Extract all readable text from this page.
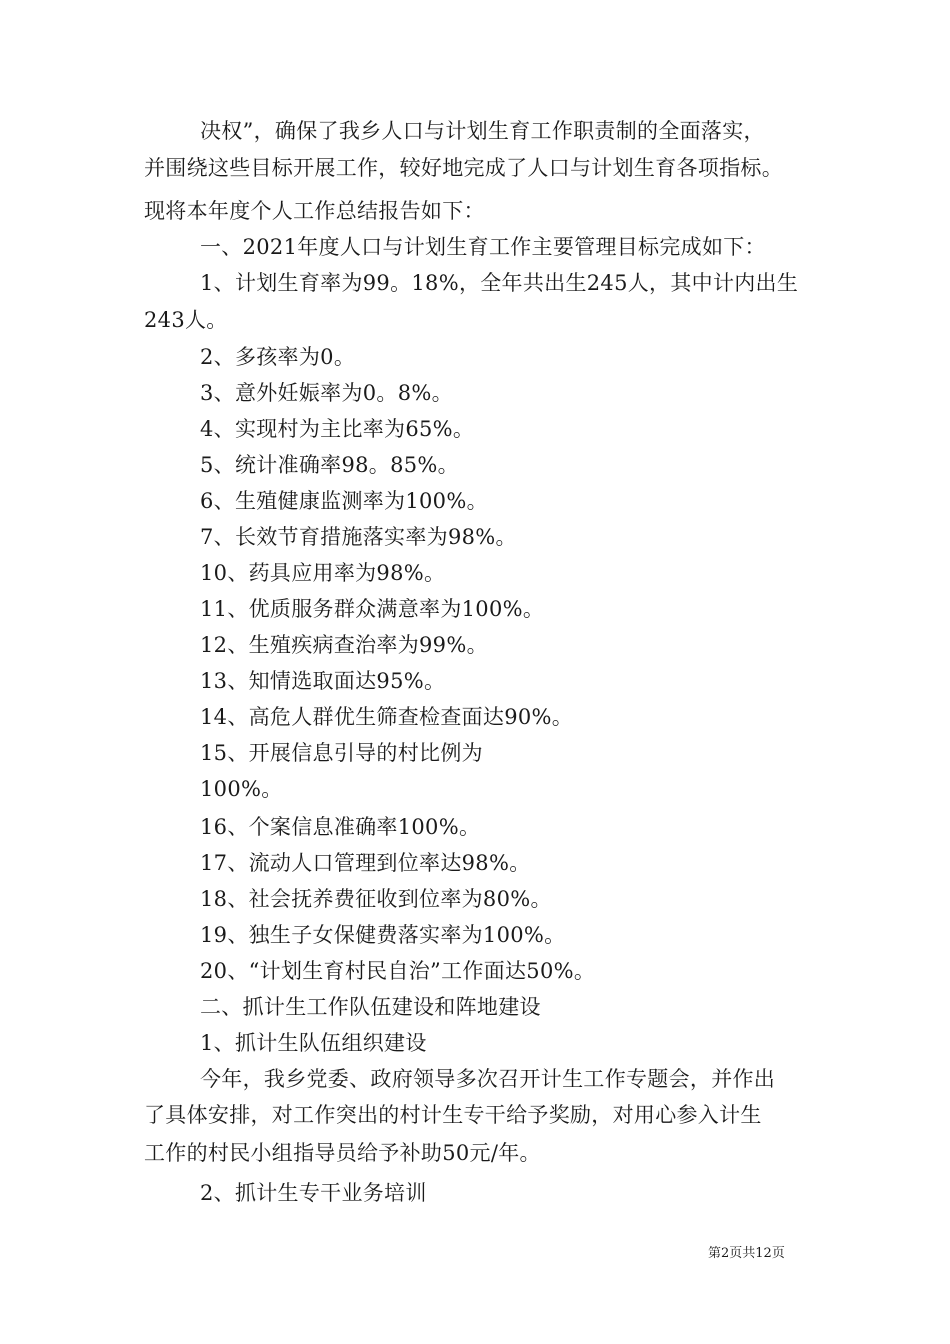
决权”，确保了我乡人口与计划生育工作职责制的全面落实，
并围绕这些目标开展工作，较好地完成了人口与计划生育各项指标。
现将本年度个人工作总结报告如下：
一、2021年度人口与计划生育工作主要管理目标完成如下：
1、计划生育率为99。18%，全年共出生245人，其中计内出生
243人。
2、多孩率为0。
3、意外妊娠率为0。8%。
4、实现村为主比率为65%。
5、统计准确率98。85%。
6、生殖健康监测率为100%。
7、长效节育措施落实率为98%。
10、药具应用率为98%。
11、优质服务群众满意率为100%。
12、生殖疾病查治率为99%。
13、知情选取面达95%。
14、高危人群优生筛查检查面达90%。
15、开展信息引导的村比例为
100%。
16、个案信息准确率100%。
17、流动人口管理到位率达98%。
18、社会抚养费征收到位率为80%。
19、独生子女保健费落实率为100%。
20、“计划生育村民自治”工作面达50%。
二、抓计生工作队伍建设和阵地建设
1、抓计生队伍组织建设
今年，我乡党委、政府领导多次召开计生工作专题会，并作出
了具体安排，对工作突出的村计生专干给予奖励，对用心参入计生
工作的村民小组指导员给予补助50元/年。
2、抓计生专干业务培训
第2页共12页
